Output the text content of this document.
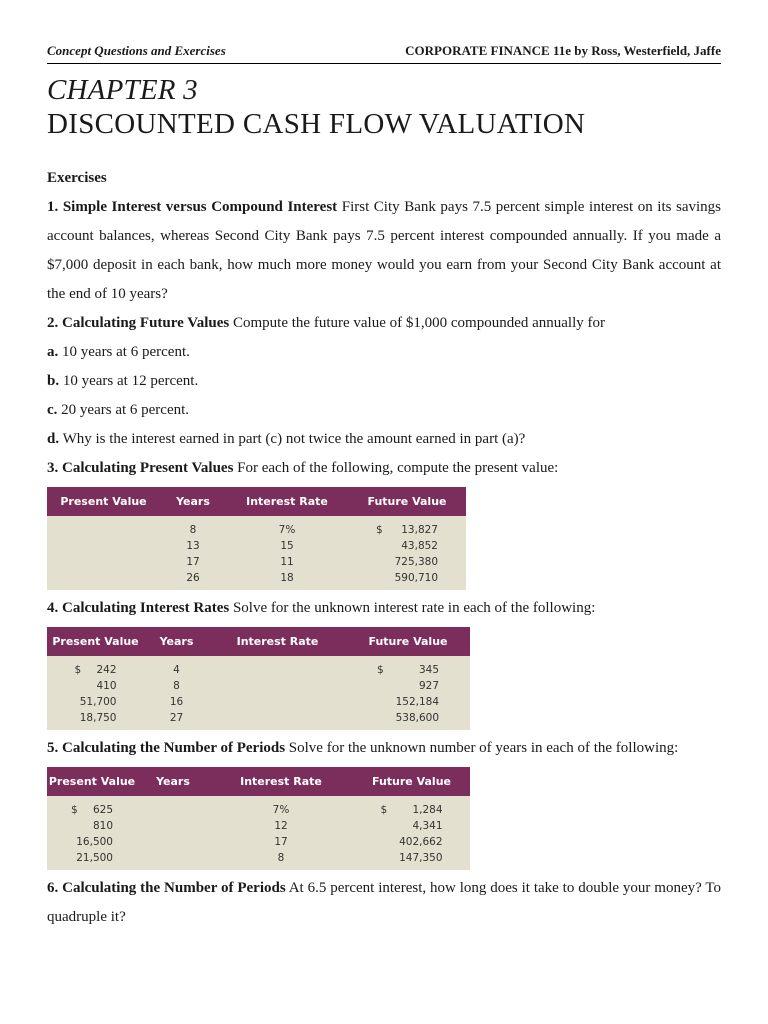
Concept Questions and Exercises	CORPORATE FINANCE 11e by Ross, Westerfield, Jaffe
CHAPTER 3
DISCOUNTED CASH FLOW VALUATION

Exercises

1. Simple Interest versus Compound Interest First City Bank pays 7.5 percent simple interest on its savings account balances, whereas Second City Bank pays 7.5 percent interest compounded annually. If you made a $7,000 deposit in each bank, how much more money would you earn from your Second City Bank account at the end of 10 years?

2. Calculating Future Values Compute the future value of $1,000 compounded annually for

a. 10 years at 6 percent.

b. 10 years at 12 percent.

c. 20 years at 6 percent.

d. Why is the interest earned in part (c) not twice the amount earned in part (a)?

3. Calculating Present Values For each of the following, compute the present value:

Present Value	Years	Interest Rate	Future Value
	8	7%	$ 13,827
	13	15	43,852
	17	11	725,380
	26	18	590,710

4. Calculating Interest Rates Solve for the unknown interest rate in each of the following:

Present Value	Years	Interest Rate	Future Value

$ 242	4		$ 345

410	8		927

51,700	16		152,184

18,750	27		538,600

5. Calculating the Number of Periods Solve for the unknown number of years in each of the following:

Present Value	Years	Interest Rate	Future Value

$ 625		7%	$ 1,284

810		12	4,341

16,500		17	402,662

21,500		8	147,350

6. Calculating the Number of Periods At 6.5 percent interest, how long does it take to double your money? To quadruple it?
